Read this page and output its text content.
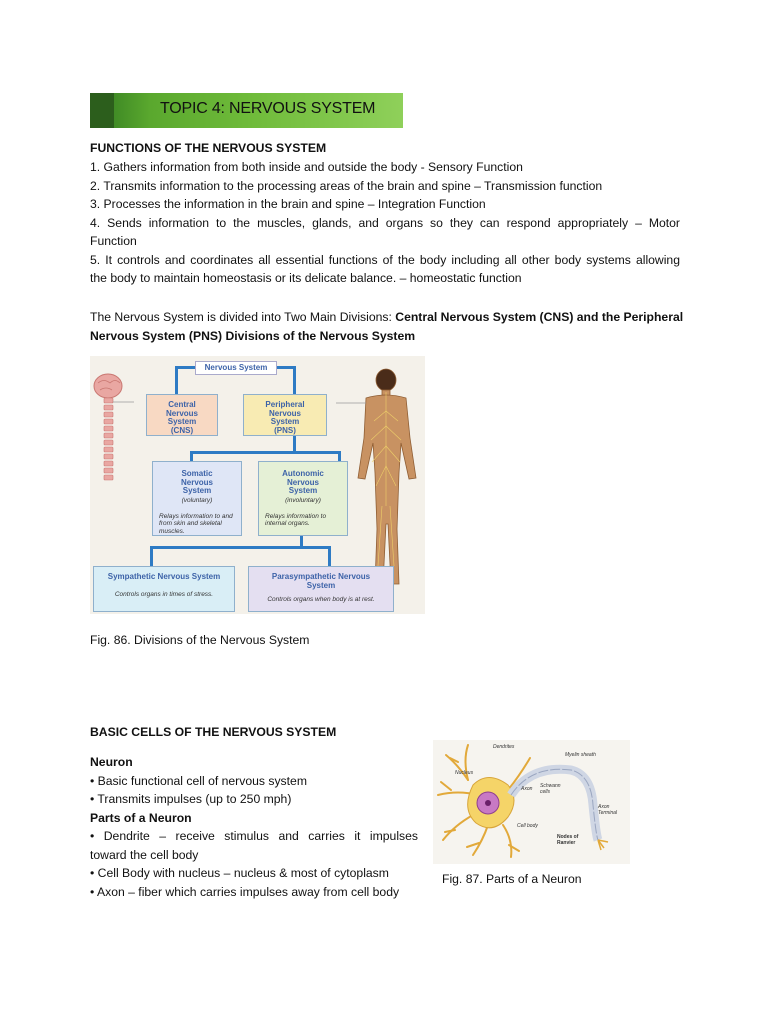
TOPIC 4: NERVOUS SYSTEM
FUNCTIONS OF THE NERVOUS SYSTEM
1. Gathers information from both inside and outside the body - Sensory Function
2. Transmits information to the processing areas of the brain and spine – Transmission function
3. Processes the information in the brain and spine – Integration Function
4. Sends information to the muscles, glands, and organs so they can respond appropriately – Motor
Function
5. It controls and coordinates all essential functions of the body including all other body systems allowing
the body to maintain homeostasis or its delicate balance. – homeostatic function
The Nervous System is divided into Two Main Divisions: Central Nervous System (CNS) and the Peripheral
Nervous System (PNS) Divisions of the Nervous System
Nervous System
Central Nervous System (CNS)
Peripheral Nervous System (PNS)
Somatic Nervous System
(voluntary)

Relays information to and from skin and skeletal muscles.
Autonomic Nervous System
(involuntary)

Relays information to internal organs.
Sympathetic Nervous System

Controls organs in times of stress.
Parasympathetic Nervous System
Controls organs when body is at rest.
Fig. 86. Divisions of the Nervous System
BASIC CELLS OF THE NERVOUS SYSTEM
Neuron
• Basic functional cell of nervous system
• Transmits impulses (up to 250 mph)
Parts of a Neuron
• Dendrite – receive stimulus and carries it impulses
toward the cell body
• Cell Body with nucleus – nucleus & most of cytoplasm
• Axon – fiber which carries impulses away from cell body
Dendrites
Myelin sheath
Nucleus
Axon Schwann cells
Cell body
Axon Terminal
Nodes of Ranvier
Fig. 87. Parts of a Neuron
